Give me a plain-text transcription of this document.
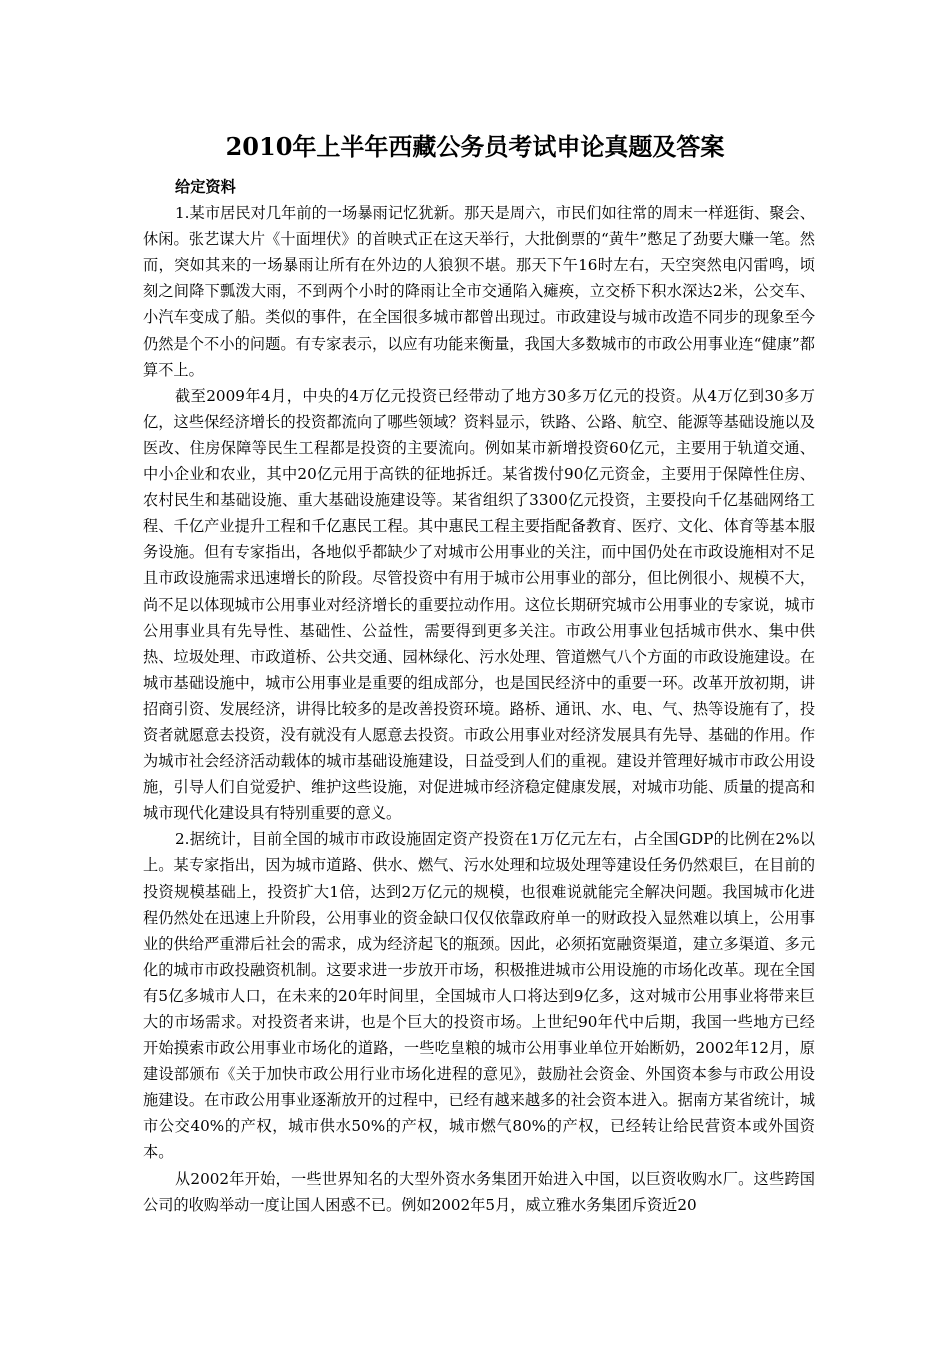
2010年上半年西藏公务员考试申论真题及答案

给定资料

1.某市居民对几年前的一场暴雨记忆犹新。那天是周六，市民们如往常的周末一样逛街、聚会、休闲。张艺谋大片《十面埋伏》的首映式正在这天举行，大批倒票的“黄牛”憋足了劲要大赚一笔。然而，突如其来的一场暴雨让所有在外边的人狼狈不堪。那天下午16时左右，天空突然电闪雷鸣，顷刻之间降下瓢泼大雨，不到两个小时的降雨让全市交通陷入瘫痪，立交桥下积水深达2米，公交车、小汽车变成了船。类似的事件，在全国很多城市都曾出现过。市政建设与城市改造不同步的现象至今仍然是个不小的问题。有专家表示，以应有功能来衡量，我国大多数城市的市政公用事业连“健康”都算不上。

截至2009年4月，中央的4万亿元投资已经带动了地方30多万亿元的投资。从4万亿到30多万亿，这些保经济增长的投资都流向了哪些领域？资料显示，铁路、公路、航空、能源等基础设施以及医改、住房保障等民生工程都是投资的主要流向。例如某市新增投资60亿元，主要用于轨道交通、中小企业和农业，其中20亿元用于高铁的征地拆迁。某省拨付90亿元资金，主要用于保障性住房、农村民生和基础设施、重大基础设施建设等。某省组织了3300亿元投资，主要投向千亿基础网络工程、千亿产业提升工程和千亿惠民工程。其中惠民工程主要指配备教育、医疗、文化、体育等基本服务设施。但有专家指出，各地似乎都缺少了对城市公用事业的关注，而中国仍处在市政设施相对不足且市政设施需求迅速增长的阶段。尽管投资中有用于城市公用事业的部分，但比例很小、规模不大，尚不足以体现城市公用事业对经济增长的重要拉动作用。这位长期研究城市公用事业的专家说，城市公用事业具有先导性、基础性、公益性，需要得到更多关注。市政公用事业包括城市供水、集中供热、垃圾处理、市政道桥、公共交通、园林绿化、污水处理、管道燃气八个方面的市政设施建设。在城市基础设施中，城市公用事业是重要的组成部分，也是国民经济中的重要一环。改革开放初期，讲招商引资、发展经济，讲得比较多的是改善投资环境。路桥、通讯、水、电、气、热等设施有了，投资者就愿意去投资，没有就没有人愿意去投资。市政公用事业对经济发展具有先导、基础的作用。作为城市社会经济活动载体的城市基础设施建设，日益受到人们的重视。建设并管理好城市市政公用设施，引导人们自觉爱护、维护这些设施，对促进城市经济稳定健康发展，对城市功能、质量的提高和城市现代化建设具有特别重要的意义。

2.据统计，目前全国的城市市政设施固定资产投资在1万亿元左右，占全国GDP的比例在2%以上。某专家指出，因为城市道路、供水、燃气、污水处理和垃圾处理等建设任务仍然艰巨，在目前的投资规模基础上，投资扩大1倍，达到2万亿元的规模，也很难说就能完全解决问题。我国城市化进程仍然处在迅速上升阶段，公用事业的资金缺口仅仅依靠政府单一的财政投入显然难以填上，公用事业的供给严重滞后社会的需求，成为经济起飞的瓶颈。因此，必须拓宽融资渠道，建立多渠道、多元化的城市市政投融资机制。这要求进一步放开市场，积极推进城市公用设施的市场化改革。现在全国有5亿多城市人口，在未来的20年时间里，全国城市人口将达到9亿多，这对城市公用事业将带来巨大的市场需求。对投资者来讲，也是个巨大的投资市场。上世纪90年代中后期，我国一些地方已经开始摸索市政公用事业市场化的道路，一些吃皇粮的城市公用事业单位开始断奶，2002年12月，原建设部颁布《关于加快市政公用行业市场化进程的意见》，鼓励社会资金、外国资本参与市政公用设施建设。在市政公用事业逐渐放开的过程中，已经有越来越多的社会资本进入。据南方某省统计，城市公交40%的产权，城市供水50%的产权，城市燃气80%的产权，已经转让给民营资本或外国资本。

从2002年开始，一些世界知名的大型外资水务集团开始进入中国，以巨资收购水厂。这些跨国公司的收购举动一度让国人困惑不已。例如2002年5月，威立雅水务集团斥资近20
